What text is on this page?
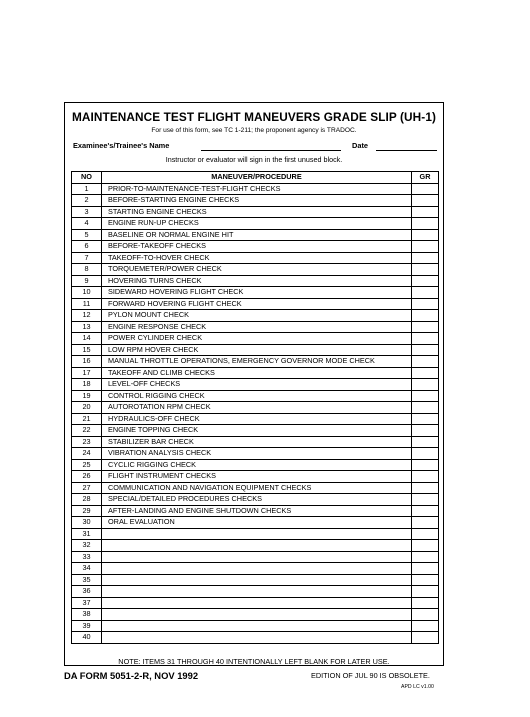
MAINTENANCE TEST FLIGHT MANEUVERS GRADE SLIP (UH-1)
For use of this form, see TC 1-211; the proponent agency is TRADOC.
Examinee's/Trainee's Name	Date
Instructor or evaluator will sign in the first unused block.
NO	MANEUVER/PROCEDURE	GR
1	PRIOR-TO-MAINTENANCE-TEST-FLIGHT CHECKS	
2	BEFORE-STARTING ENGINE CHECKS	
3	STARTING ENGINE CHECKS	
4	ENGINE RUN-UP CHECKS	
5	BASELINE OR NORMAL ENGINE HIT	
6	BEFORE-TAKEOFF CHECKS	
7	TAKEOFF-TO-HOVER CHECK	
8	TORQUEMETER/POWER CHECK	
9	HOVERING TURNS CHECK	
10	SIDEWARD HOVERING FLIGHT CHECK	
11	FORWARD HOVERING FLIGHT CHECK	
12	PYLON MOUNT CHECK	
13	ENGINE RESPONSE CHECK	
14	POWER CYLINDER CHECK	
15	LOW RPM HOVER CHECK	
16	MANUAL THROTTLE OPERATIONS, EMERGENCY GOVERNOR MODE CHECK	
17	TAKEOFF AND CLIMB CHECKS	
18	LEVEL-OFF CHECKS	
19	CONTROL RIGGING CHECK	
20	AUTOROTATION RPM CHECK	
21	HYDRAULICS-OFF CHECK	
22	ENGINE TOPPING CHECK	
23	STABILIZER BAR CHECK	
24	VIBRATION ANALYSIS CHECK	
25	CYCLIC RIGGING CHECK	
26	FLIGHT INSTRUMENT CHECKS	
27	COMMUNICATION AND NAVIGATION EQUIPMENT CHECKS	
28	SPECIAL/DETAILED PROCEDURES CHECKS	
29	AFTER-LANDING AND ENGINE SHUTDOWN CHECKS	
30	ORAL EVALUATION	
31		
32		
33		
34		
35		
36		
37		
38		
39		
40		
NOTE: ITEMS 31 THROUGH 40 INTENTIONALLY LEFT BLANK FOR LATER USE.
DA FORM 5051-2-R, NOV 1992	EDITION OF JUL 90 IS OBSOLETE.
APD LC v1.00
